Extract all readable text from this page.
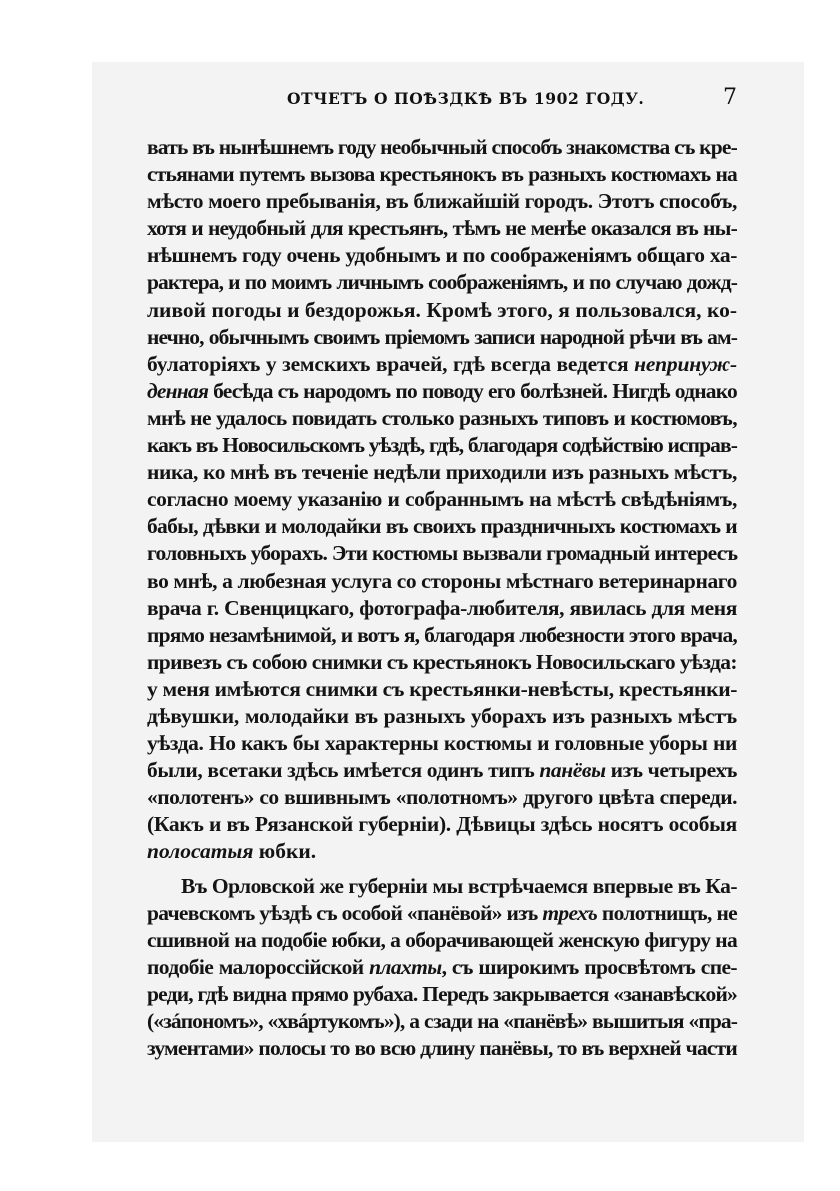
ОТЧЕТЪ О ПОѢЗДКѢ ВЪ 1902 ГОДУ.	7

вать въ нынѣшнемъ году необычный способъ знакомства съ кре-
стьянами путемъ вызова крестьянокъ въ разныхъ костюмахъ на
мѣсто моего пребыванія, въ ближайшій городъ. Этотъ способъ,
хотя и неудобный для крестьянъ, тѣмъ не менѣе оказался въ ны-
нѣшнемъ году очень удобнымъ и по соображеніямъ общаго ха-
рактера, и по моимъ личнымъ соображеніямъ, и по случаю дожд-
ливой погоды и бездорожья. Кромѣ этого, я пользовался, ко-
нечно, обычнымъ своимъ пріемомъ записи народной рѣчи въ ам-
булаторіяхъ у земскихъ врачей, гдѣ всегда ведется непринуж-
денная бесѣда съ народомъ по поводу его болѣзней. Нигдѣ однако
мнѣ не удалось повидать столько разныхъ типовъ и костюмовъ,
какъ въ Новосильскомъ уѣздѣ, гдѣ, благодаря содѣйствію исправ-
ника, ко мнѣ въ теченіе недѣли приходили изъ разныхъ мѣстъ,
согласно моему указанію и собраннымъ на мѣстѣ свѣдѣніямъ,
бабы, дѣвки и молодайки въ своихъ праздничныхъ костюмахъ и
головныхъ уборахъ. Эти костюмы вызвали громадный интересъ
во мнѣ, а любезная услуга со стороны мѣстнаго ветеринарнаго
врача г. Свенцицкаго, фотографа-любителя, явилась для меня
прямо незамѣнимой, и вотъ я, благодаря любезности этого врача,
привезъ съ собою снимки съ крестьянокъ Новосильскаго уѣзда:
у меня имѣются снимки съ крестьянки-невѣсты, крестьянки-
дѣвушки, молодайки въ разныхъ уборахъ изъ разныхъ мѣстъ
уѣзда. Но какъ бы характерны костюмы и головные уборы ни
были, всетаки здѣсь имѣется одинъ типъ панёвы изъ четырехъ
«полотенъ» со вшивнымъ «полотномъ» другого цвѣта спереди.
(Какъ и въ Рязанской губерніи). Дѣвицы здѣсь носятъ особыя
полосатыя юбки.

Въ Орловской же губерніи мы встрѣчаемся впервые въ Ка-
рачевскомъ уѣздѣ съ особой «панёвой» изъ трехъ полотнищъ, не
сшивной на подобіе юбки, а оборачивающей женскую фигуру на
подобіе малороссійской плахты, съ широкимъ просвѣтомъ спе-
реди, гдѣ видна прямо рубаха. Передъ закрывается «занавѣской»
(«зáпономъ», «хвáртукомъ»), а сзади на «панёвѣ» вышитыя «пра-
зументами» полосы то во всю длину панёвы, то въ верхней части
